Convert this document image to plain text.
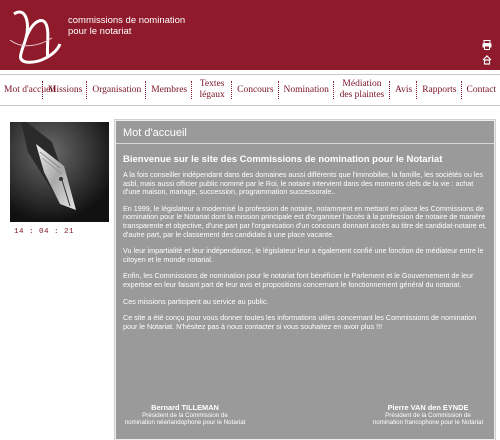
commissions de nomination
pour le notariat
Mot d'accueil
Missions	Organisation	Membres
Textes légaux
Concours	Nomination
Médiation des plaintes
Avis	Rapports	Contact
14 : 04 : 21
Mot d'accueil
Bienvenue sur le site des Commissions de nomination pour le Notariat

A la fois conseiller indépendant dans des domaines aussi différents que l'immobilier, la famille, les sociétés ou les asbl, mais aussi officier public nommé par le Roi, le notaire intervient dans des moments clefs de la vie : achat d'une maison, mariage, succession, programmation successorale..

En 1999, le législateur a modernisé la profession de notaire, notamment en mettant en place les Commissions de nomination pour le Notariat dont la mission principale est d'organiser l'accès à la profession de notaire de manière transparente et objective, d'une part par l'organisation d'un concours donnant accès au titre de candidat-notaire et, d'autre part, par le classement des candidats à une place vacante.

Vu leur impartialité et leur indépendance, le législateur leur a également confié une fonction de médiateur entre le citoyen et le monde notarial.

Enfin, les Commissions de nomination pour le notariat font bénéficier le Parlement et le Gouvernement de leur expertise en leur faisant part de leur avis et propositions concernant le fonctionnement général du notariat.

Ces missions participent au service au public.

Ce site a été conçu pour vous donner toutes les informations utiles concernant les Commissions de nomination pour le Notariat. N'hésitez pas à nous contacter si vous souhaitez en avoir plus !!!

Bernard TILLEMAN
Président de la Commission de
nomination néerlandophone pour le Notariat
Pierre VAN den EYNDE
Président de la Commission de
nomination francophone pour le Notariat
